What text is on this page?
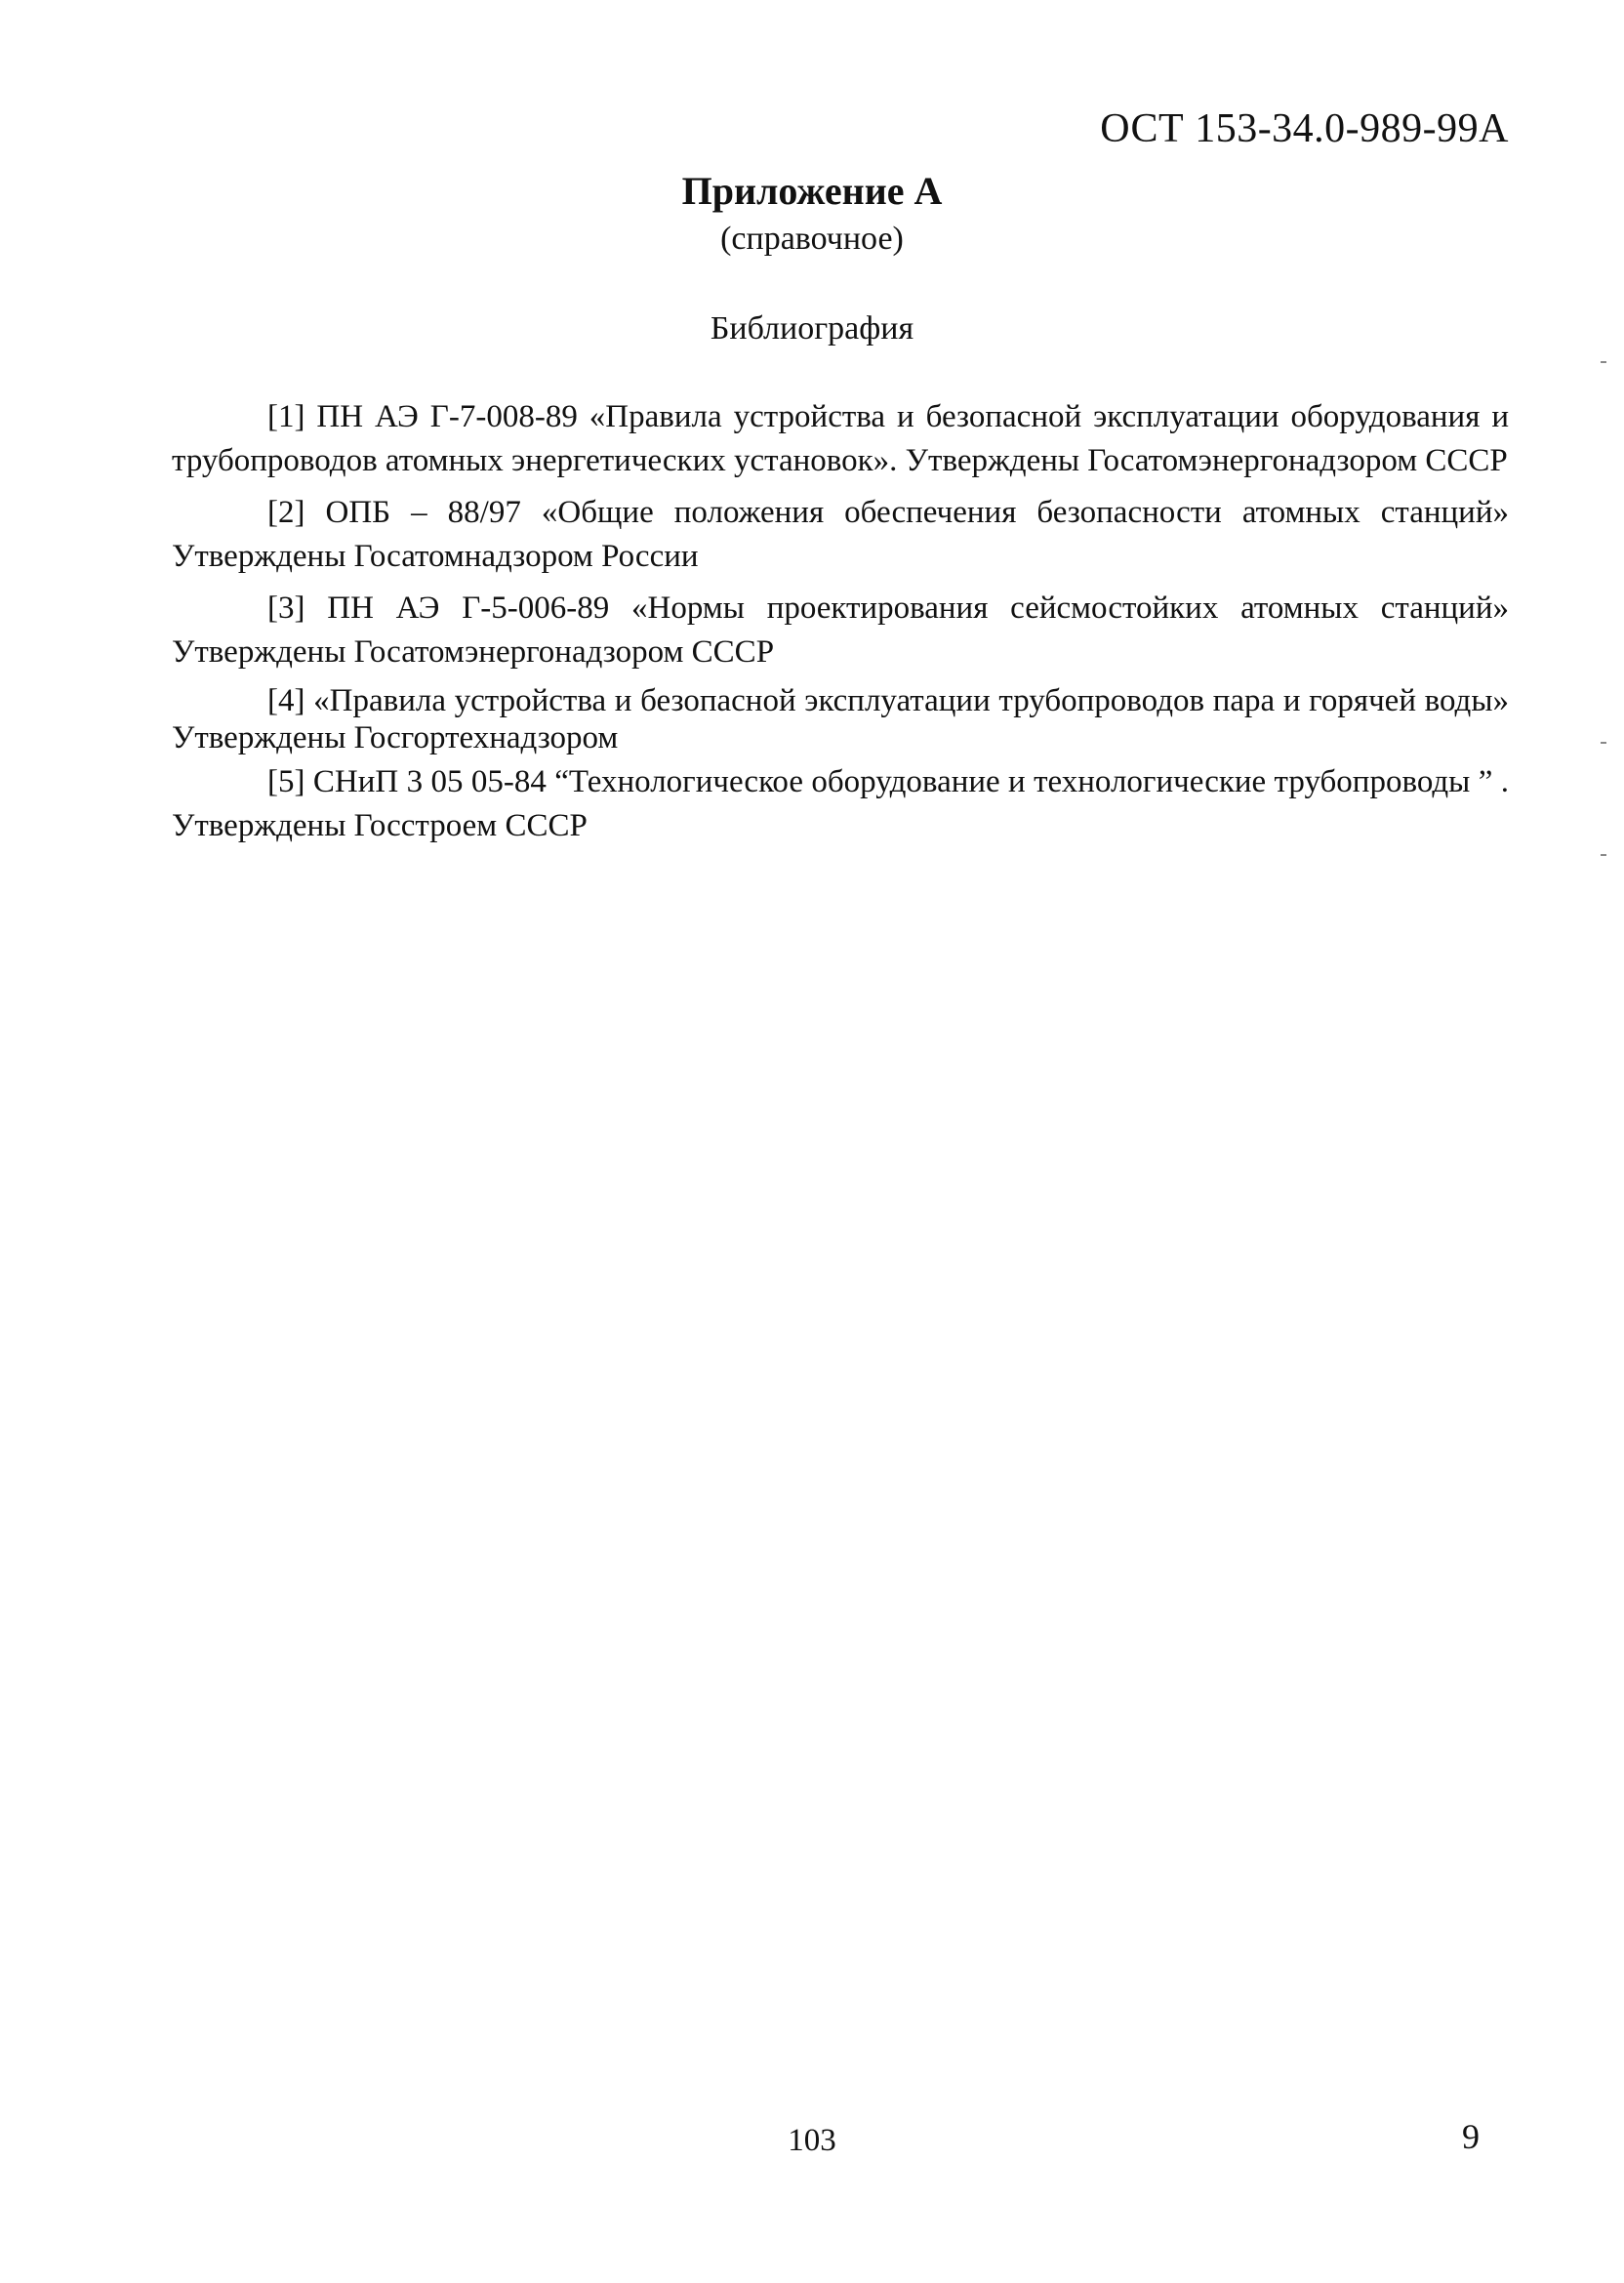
ОСТ 153-34.0-989-99А
Приложение А
(справочное)
Библиография

[1] ПН АЭ Г-7-008-89 «Правила устройства и безопасной эксплуатации оборудования и трубопроводов атомных энергетических установок». Утверждены Госатомэнергонадзором СССР

[2] ОПБ – 88/97 «Общие положения обеспечения безопасности атомных станций» Утверждены Госатомнадзором России

[3] ПН АЭ Г-5-006-89 «Нормы проектирования сейсмостойких атомных станций» Утверждены Госатомэнергонадзором СССР

[4] «Правила устройства и безопасной эксплуатации трубопроводов пара и горячей воды» Утверждены Госгортехнадзором

[5] СНиП 3 05 05-84 “Технологическое оборудование и технологические трубопроводы ” . Утверждены Госстроем СССР

103	9
